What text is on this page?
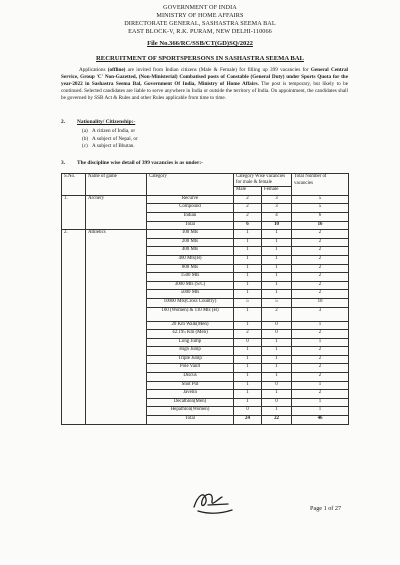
GOVERNMENT OF INDIA
MINISTRY OF HOME AFFAIRS
DIRECTORATE GENERAL, SASHASTRA SEEMA BAL
EAST BLOCK-V, R.K. PURAM, NEW DELHI-110066
File No.366/RC/SSB/CT(GD)SQ/2022
RECRUITMENT OF SPORTSPERSONS IN SASHASTRA SEEMA BAL
Applications (offline) are invited from Indian citizens (Male & Female) for filling up 399 vacancies for General Central Service, Group 'C' Non-Gazetted, (Non-Ministerial) Combatised posts of Constable (General Duty) under Sports Quota for the year-2022 in Sashastra Seema Bal, Government Of India, Ministry of Home Affairs. The post is temporary, but likely to be continued. Selected candidates are liable to serve anywhere in India or outside the territory of India. On appointment, the candidates shall be governed by SSB Act & Rules and other Rules applicable from time to time.
2. Nationality/ Citizenship:-
(a) A citizen of India, or
(b) A subject of Nepal, or
(c) A subject of Bhutan.
3. The discipline wise detail of 399 vacancies is as under:-
S.No.	Name of game	Category	Category Wise vacancies for male & female		Total Number of vacancies
			Male	Female	
1.	Archery	Recurve	2	3	5
		Compound	2	3	5
		Indian	2	4	6
		Total	6	10	16
2.	Athletics	100 Mts	1	1	2
		200 Mts	1	1	2
		400 Mts	1	1	2
		400 Mts(H)	1	1	2
		800 Mts	1	1	2
		1500 Mts	1	1	2
		3000 Mts (S/C)	1	1	2
		5000 Mts	1	1	2
		10000 Mts(Cross Country)	5	5	10
		100 (Women) & 110 Mts (H)	1	2	3
		20 Km Walk(Men)	1	0	1
		42.195 Km (Men)	2	0	2
		Long Jump	0	1	1
		High Jump	1	1	2
		Triple Jump	1	1	2
		Pole Vault	1	1	2
		Discus	1	1	2
		Shot Put	1	0	1
		Javelin	1	1	2
		Decathlon(Men)	1	0	1
		Hepathlon(Women)	0	1	1
		Total	24	22	46
Page 1 of 27
